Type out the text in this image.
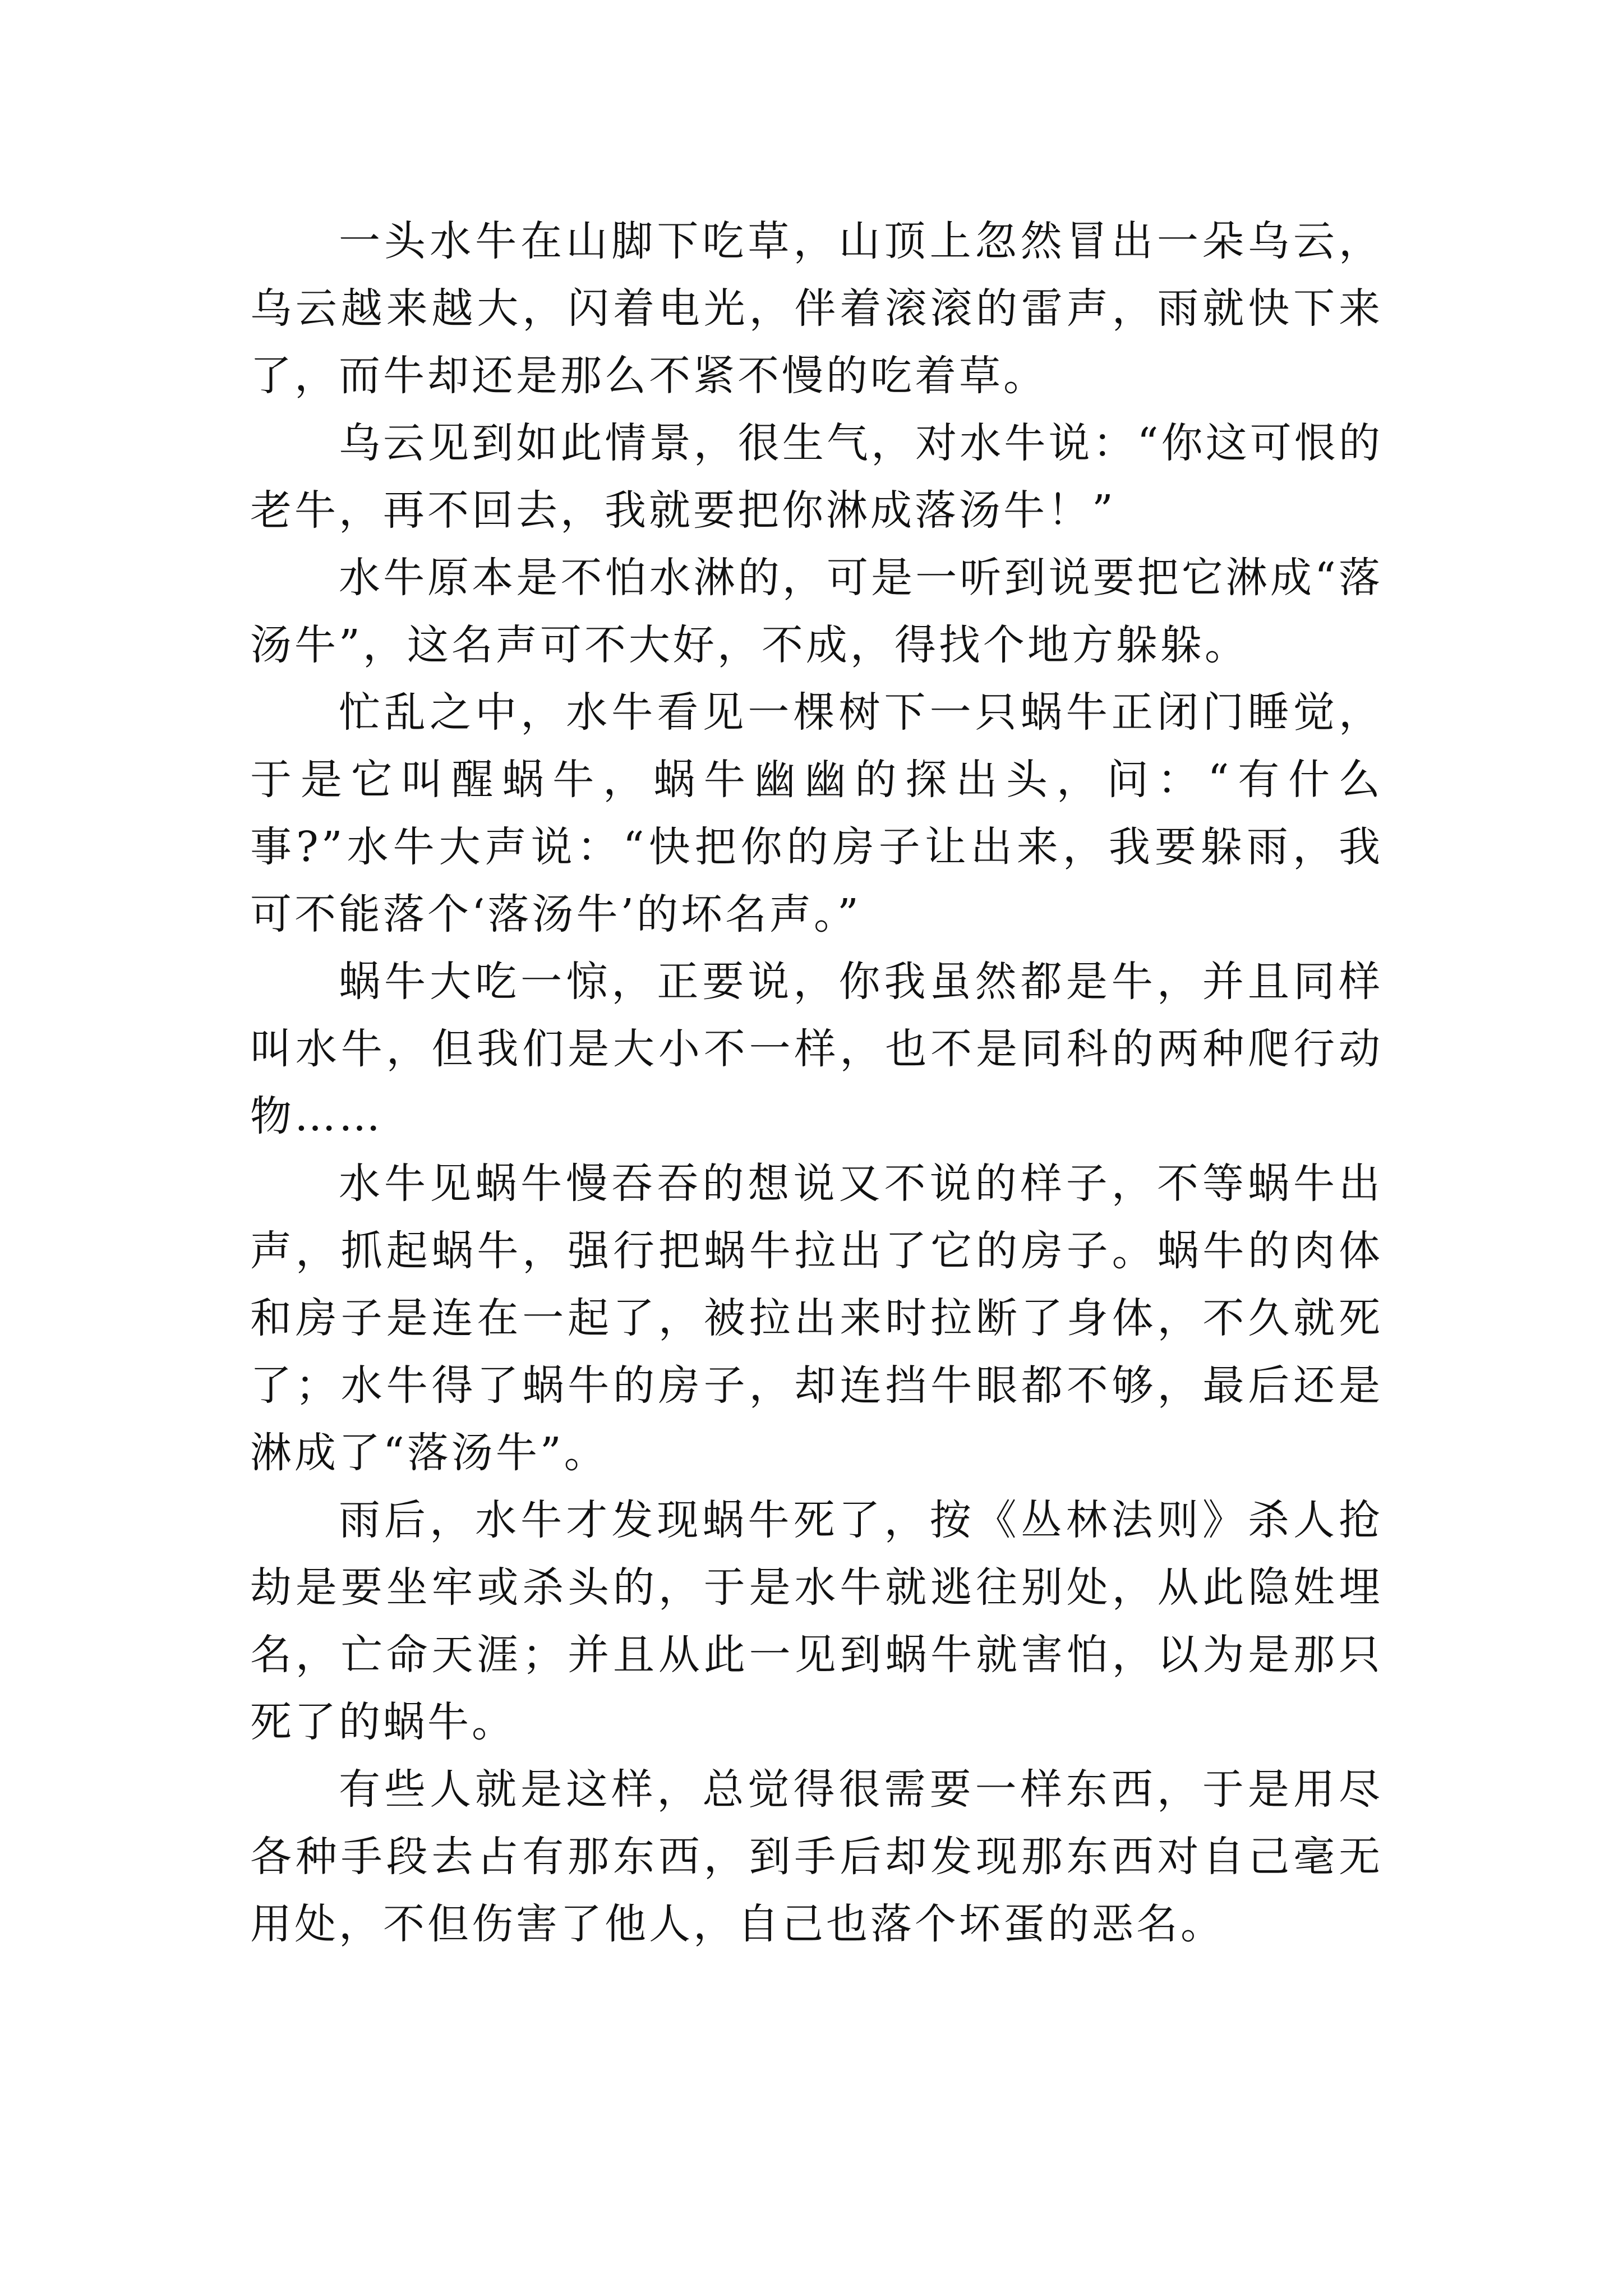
一头水牛在山脚下吃草，山顶上忽然冒出一朵乌云，乌云越来越大，闪着电光，伴着滚滚的雷声，雨就快下来了，而牛却还是那么不紧不慢的吃着草。

乌云见到如此情景，很生气，对水牛说：“你这可恨的老牛，再不回去，我就要把你淋成落汤牛！”

水牛原本是不怕水淋的，可是一听到说要把它淋成“落汤牛”，这名声可不大好，不成，得找个地方躲躲。

忙乱之中，水牛看见一棵树下一只蜗牛正闭门睡觉，于是它叫醒蜗牛，蜗牛幽幽的探出头，问：“有什么事?”水牛大声说：“快把你的房子让出来，我要躲雨，我可不能落个‘落汤牛’的坏名声。”

蜗牛大吃一惊，正要说，你我虽然都是牛，并且同样叫水牛，但我们是大小不一样，也不是同科的两种爬行动物……

水牛见蜗牛慢吞吞的想说又不说的样子，不等蜗牛出声，抓起蜗牛，强行把蜗牛拉出了它的房子。蜗牛的肉体和房子是连在一起了，被拉出来时拉断了身体，不久就死了；水牛得了蜗牛的房子，却连挡牛眼都不够，最后还是淋成了“落汤牛”。

雨后，水牛才发现蜗牛死了，按《丛林法则》杀人抢劫是要坐牢或杀头的，于是水牛就逃往别处，从此隐姓埋名，亡命天涯；并且从此一见到蜗牛就害怕，以为是那只死了的蜗牛。

有些人就是这样，总觉得很需要一样东西，于是用尽各种手段去占有那东西，到手后却发现那东西对自己毫无用处，不但伤害了他人，自己也落个坏蛋的恶名。
